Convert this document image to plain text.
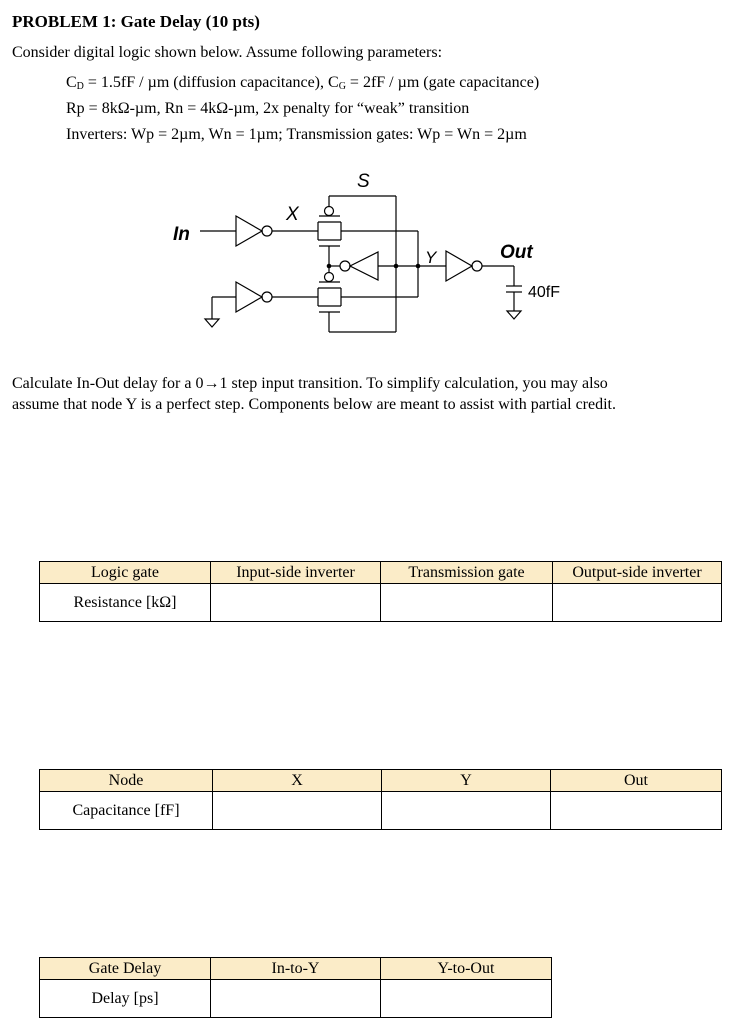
PROBLEM 1: Gate Delay (10 pts)
Consider digital logic shown below. Assume following parameters:
$C_D = 1.5fF / \mu m$ (diffusion capacitance), $C_G = 2fF / \mu m$ (gate capacitance)
Rp = 8kΩ-µm, Rn = 4kΩ-µm, 2x penalty for “weak” transition
Inverters: Wp = 2µm, Wn = 1µm; Transmission gates: Wp = Wn = 2µm
In
X
S
Y	Out
40fF
Calculate In-Out delay for a 0→1 step input transition. To simplify calculation, you may also
assume that node Y is a perfect step. Components below are meant to assist with partial credit.
Logic gate	Input-side inverter	Transmission gate	Output-side inverter
Resistance [kΩ]			
Node	X	Y	Out
Capacitance [fF]			
Gate Delay	In-to-Y	Y-to-Out
Delay [ps]		
